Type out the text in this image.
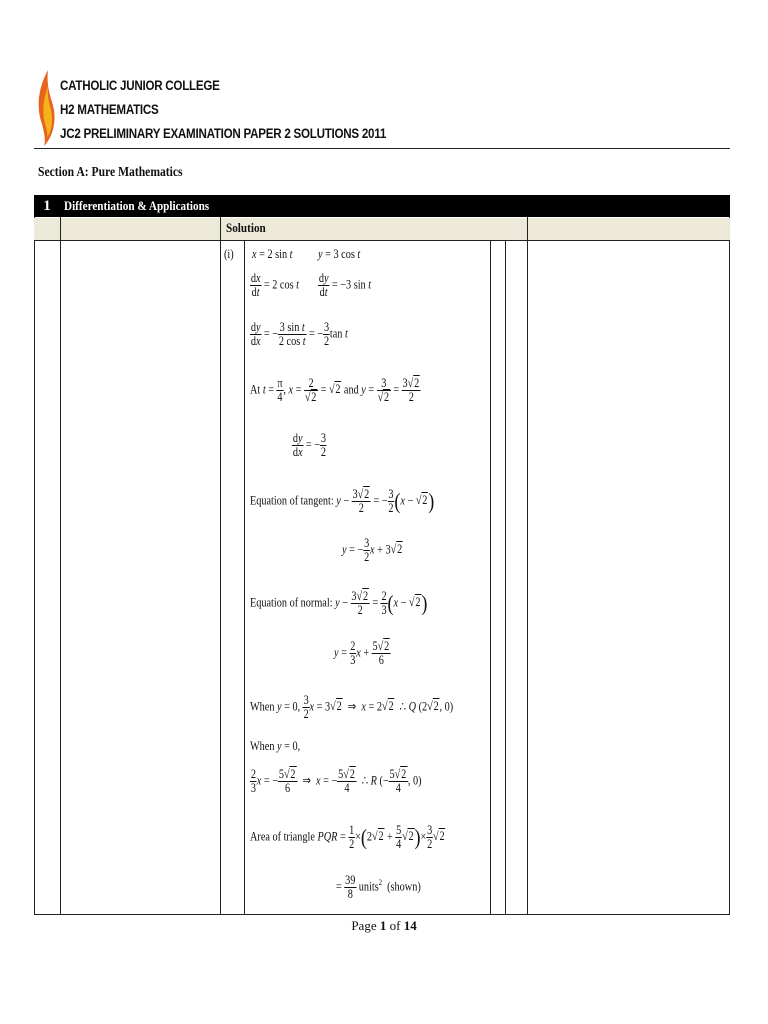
CATHOLIC JUNIOR COLLEGE
H2 MATHEMATICS
JC2 PRELIMINARY EXAMINATION PAPER 2 SOLUTIONS 2011
Section A: Pure Mathematics
1	Differentiation & Applications
Solution
(i) x = 2 sin t y = 3 cos t
$\frac{dx}{dt} = 2$ cos t $\frac{dy}{dt} = -3$ sin t
$\frac{dy}{dx}$ = − $\frac{\text{3 sin t}}{\text{2 cos t}}$ = − $\frac{3}{2}$ tan t
At $t = \frac{\pi}{4}$ , $x = \frac{2}{√2} = √2$ and $y = \frac{3}{√2} = \frac{3√2}{2}$
$\frac{dy}{dx}$ = − $\frac{3}{2}$
Equation of tangent: $y - \frac{3√2}{2}$ = − $\frac{3}{2} (x - √2)$
y = − $\frac{3}{2}$ x + 3√2
Equation of normal: $y - \frac{3√2}{2} = \frac{2}{3} (x - √2)$
$y = \frac{2}{3}$ $x + \frac{5√2}{6}$
When y = 0, $\frac{3}{2}$ x = 3√2  ⇒  x = 2√2  ∴ Q (2√2, 0)
When y = 0,
$\frac{2}{3}$ x = − $\frac{5√2}{6}$ ⇒  x = − $\frac{5√2}{4}$ ∴ R (− $\frac{5√2}{4}$ , 0)
Area of triangle PQR = $\frac{1}{2} \times(2√2 + \frac{5}{4} √2)\times \frac{3}{2} √2$
= $\frac{39}{8}$ units$^2$ (shown)
Page 1 of 14
